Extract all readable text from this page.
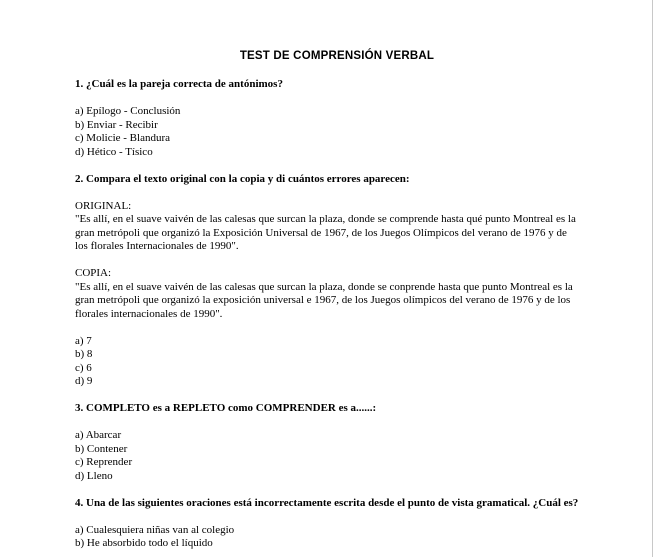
TEST DE COMPRENSIÓN VERBAL

1. ¿Cuál es la pareja correcta de antónimos?

a) Epílogo - Conclusión
b) Enviar - Recibir
c) Molicie - Blandura
d) Hético - Tísico

2. Compara el texto original con la copia y di cuántos errores aparecen:

ORIGINAL:
"Es allí, en el suave vaivén de las calesas que surcan la plaza, donde se comprende hasta qué punto Montreal es la
gran metrópoli que organizó la Exposición Universal de 1967, de los Juegos Olímpicos del verano de 1976 y de
los florales Internacionales de 1990".
COPIA:
"Es allí, en el suave vaivén de las calesas que surcan la plaza, donde se conprende hasta que punto Montreal es la
gran metrópoli que organizó la exposición universal e 1967, de los Juegos olímpicos del verano de 1976 y de los
florales internacionales de 1990".
a) 7
b) 8
c) 6
d) 9

3. COMPLETO es a REPLETO como COMPRENDER es a......:

a) Abarcar
b) Contener
c) Reprender
d) Lleno

4. Una de las siguientes oraciones está incorrectamente escrita desde el punto de vista gramatical. ¿Cuál es?

a) Cualesquiera niñas van al colegio
b) He absorbido todo el líquido
